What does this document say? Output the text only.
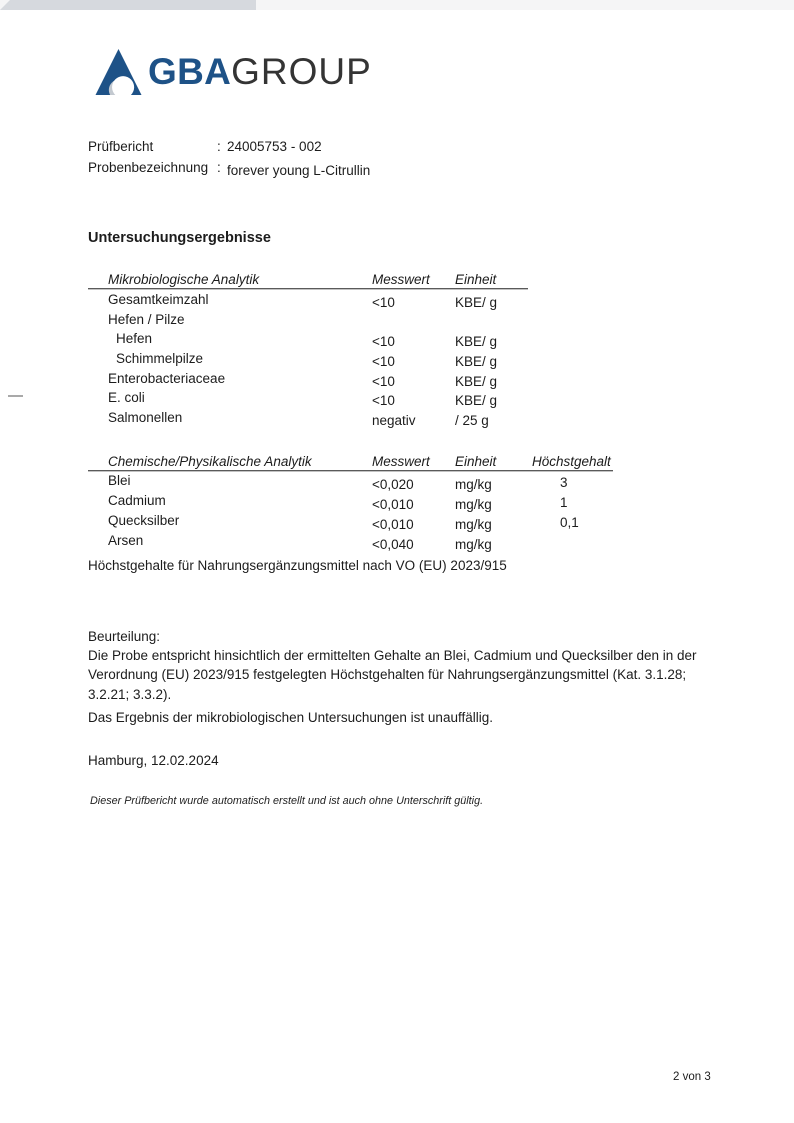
GBAGROUP
Prüfbericht	: 24005753 - 002
Probenbezeichnung : forever young L-Citrullin
Untersuchungsergebnisse
Mikrobiologische Analytik	Messwert Einheit
Gesamtkeimzahl	<10	KBE/ g
Hefen / Pilze
Hefen	<10	KBE/ g
Schimmelpilze	<10	KBE/ g
Enterobacteriaceae	<10	KBE/ g
E. coli	<10	KBE/ g
Salmonellen	negativ	/ 25 g
Chemische/Physikalische Analytik	Messwert Einheit	Höchstgehalt
Blei	<0,020	mg/kg	3
Cadmium	<0,010	mg/kg	1
Quecksilber	<0,010	mg/kg	0,1
Arsen	<0,040	mg/kg
Höchstgehalte für Nahrungsergänzungsmittel nach VO (EU) 2023/915
Beurteilung:
Die Probe entspricht hinsichtlich der ermittelten Gehalte an Blei, Cadmium und Quecksilber den in der Verordnung (EU) 2023/915 festgelegten Höchstgehalten für Nahrungsergänzungsmittel (Kat. 3.1.28; 3.2.21; 3.3.2).
Das Ergebnis der mikrobiologischen Untersuchungen ist unauffällig.
Hamburg, 12.02.2024
Dieser Prüfbericht wurde automatisch erstellt und ist auch ohne Unterschrift gültig.
2 von 3
